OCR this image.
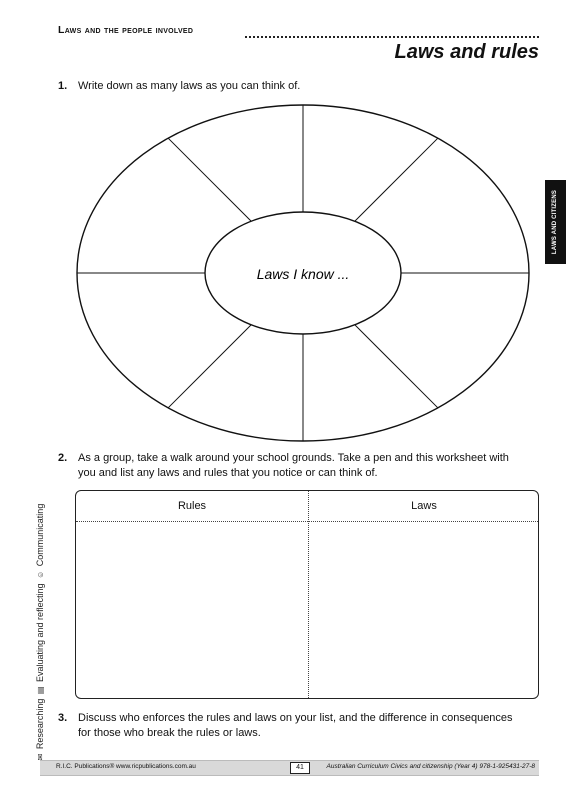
Laws and the people involved
Laws and rules
LAWS AND CITIZENS
✉ Researching ▤ Evaluating and reflecting ☺ Communicating
1. Write down as many laws as you can think of.
Laws I know ...
2. As a group, take a walk around your school grounds. Take a pen and this worksheet with
you and list any laws and rules that you notice or can think of.
Rules	Laws
3. Discuss who enforces the rules and laws on your list, and the difference in consequences
for those who break the rules or laws.
R.I.C. Publications® www.ricpublications.com.au	41	Australian Curriculum Civics and citizenship (Year 4) 978-1-925431-27-8
